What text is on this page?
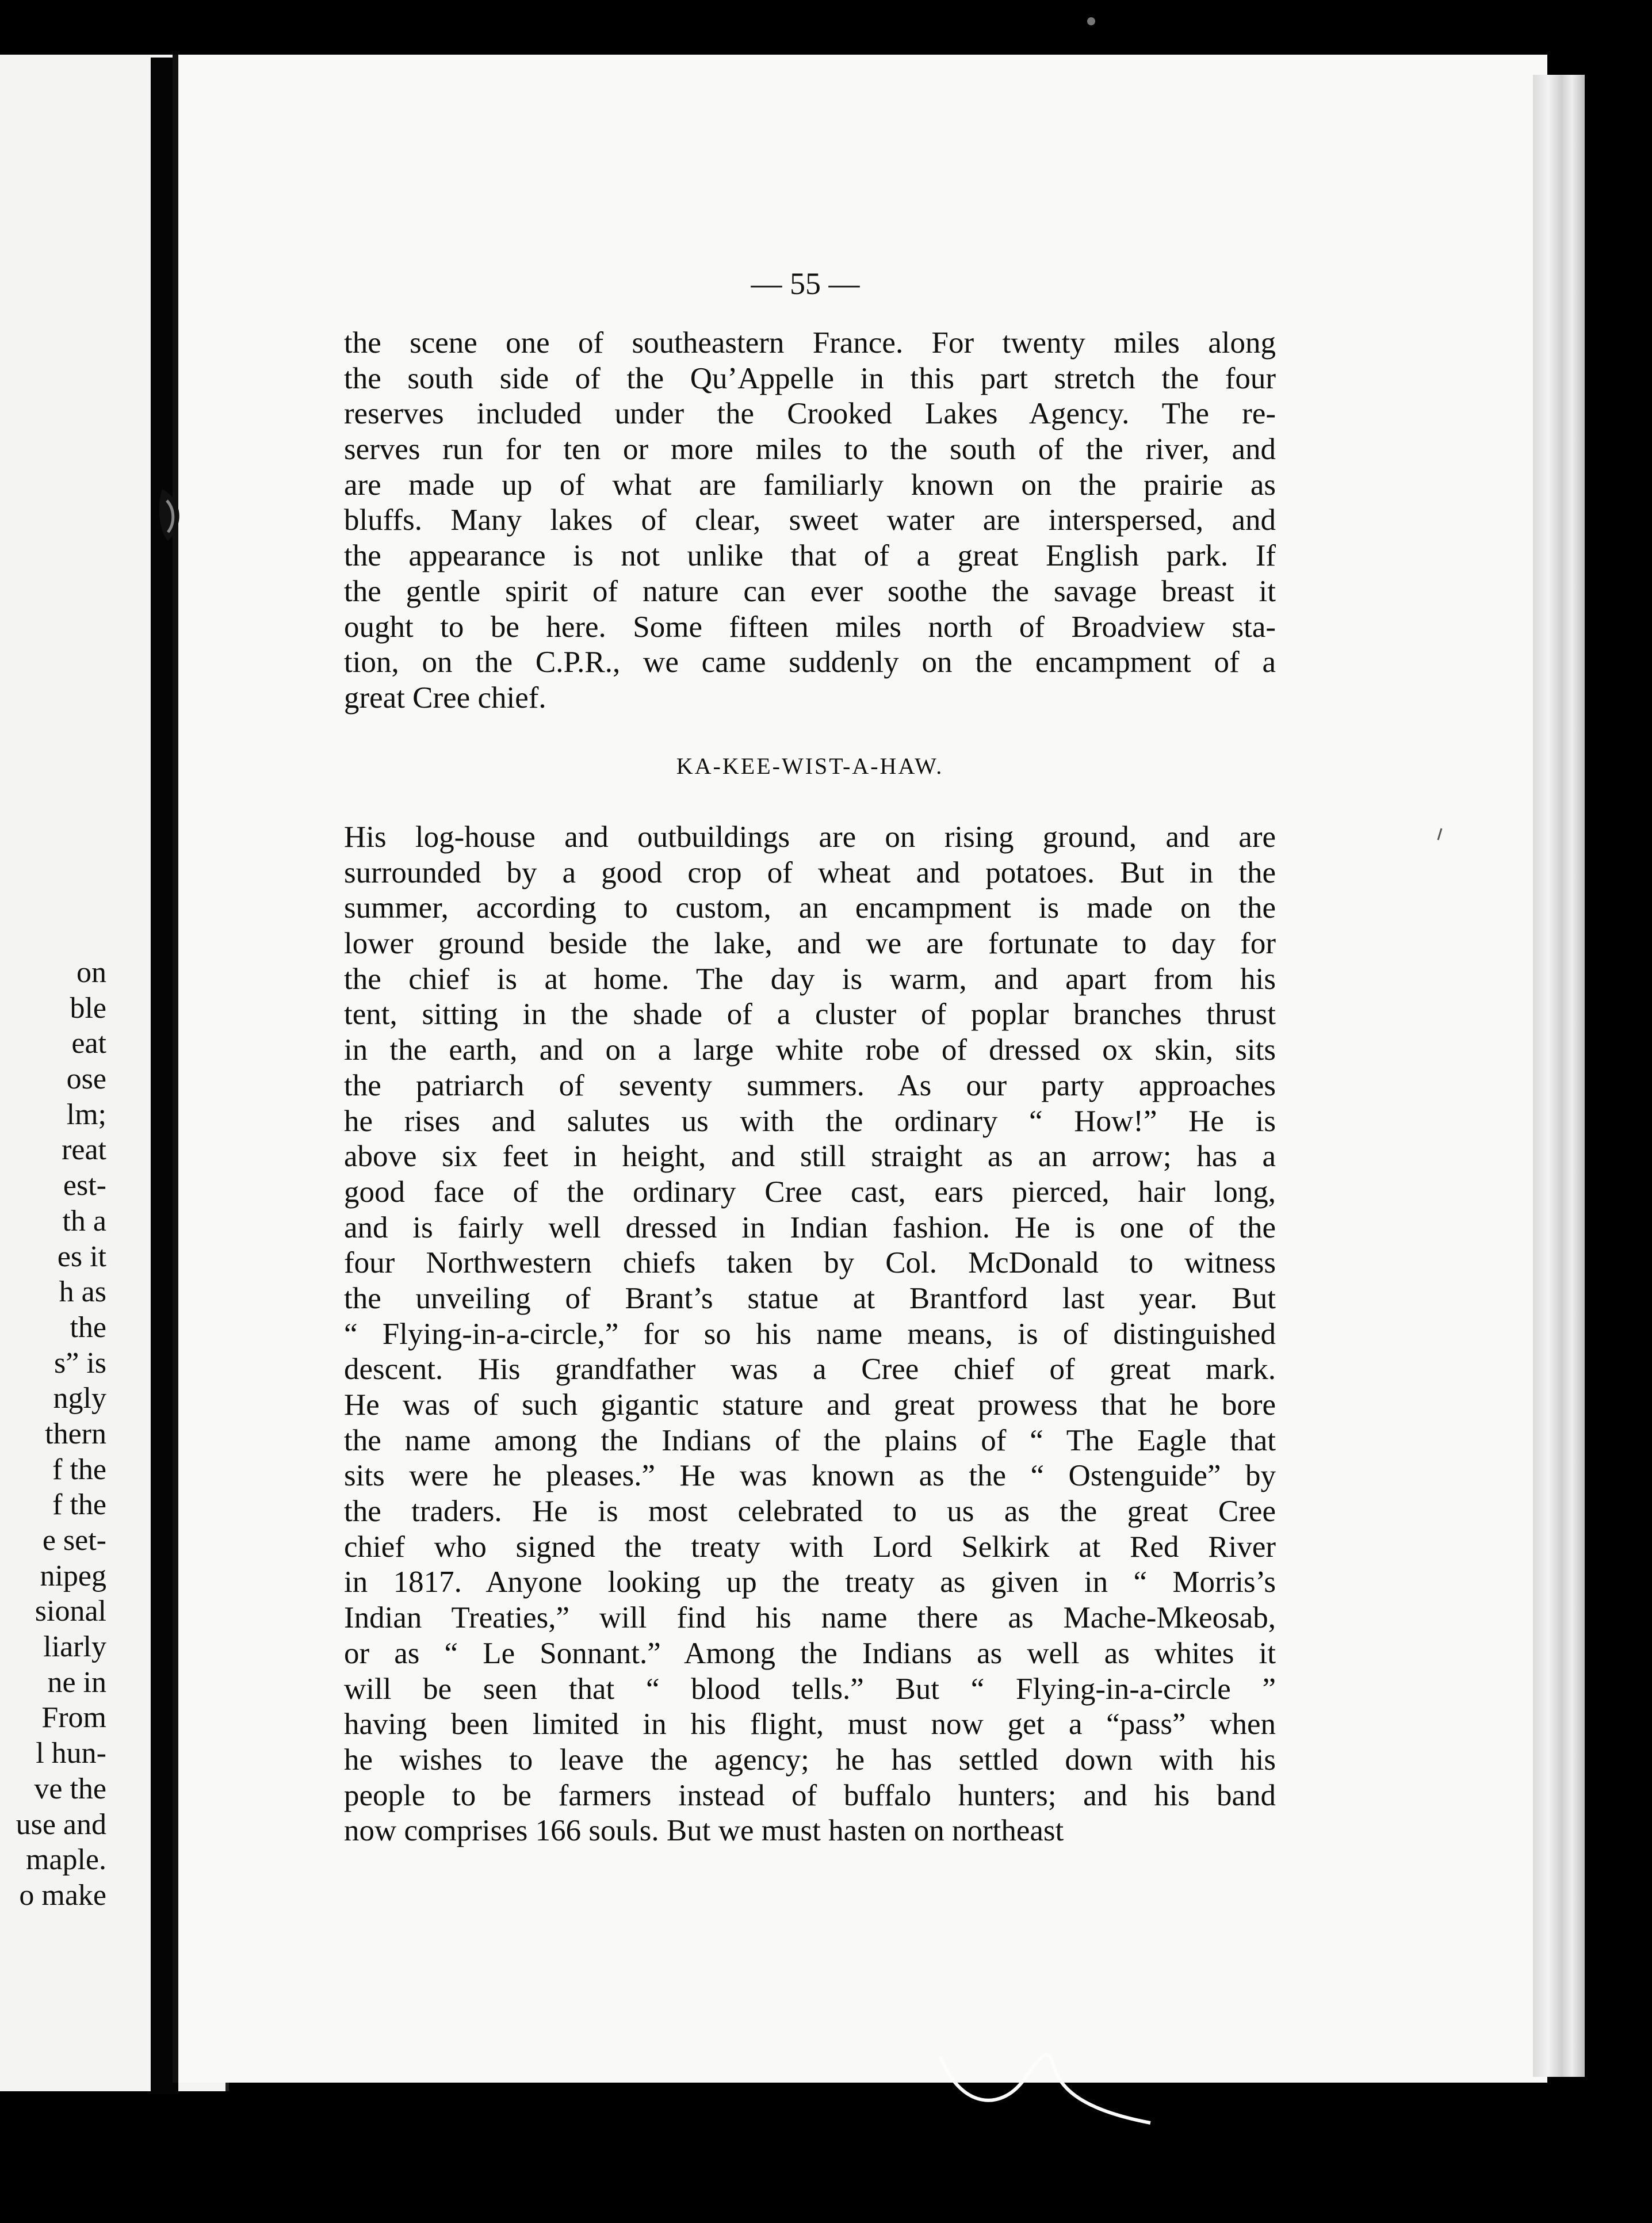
on
ble
eat
ose
lm;
reat
est-
th a
es it
h as
the
s” is
ngly
thern
f the
f the
e set-
nipeg
sional
liarly
ne in
From
l hun-
ve the
use and
maple.
o make
— 55 —
the scene one of southeastern France. For twenty miles along
the south side of the Qu’Appelle in this part stretch the four
reserves included under the Crooked Lakes Agency. The re-
serves run for ten or more miles to the south of the river, and
are made up of what are familiarly known on the prairie as
bluffs. Many lakes of clear, sweet water are interspersed, and
the appearance is not unlike that of a great English park. If
the gentle spirit of nature can ever soothe the savage breast it
ought to be here. Some fifteen miles north of Broadview sta-
tion, on the C.P.R., we came suddenly on the encampment of a
great Cree chief.
KA-KEE-WIST-A-HAW.
His log-house and outbuildings are on rising ground, and are
surrounded by a good crop of wheat and potatoes. But in the
summer, according to custom, an encampment is made on the
lower ground beside the lake, and we are fortunate to day for
the chief is at home. The day is warm, and apart from his
tent, sitting in the shade of a cluster of poplar branches thrust
in the earth, and on a large white robe of dressed ox skin, sits
the patriarch of seventy summers. As our party approaches
he rises and salutes us with the ordinary “ How!” He is
above six feet in height, and still straight as an arrow; has a
good face of the ordinary Cree cast, ears pierced, hair long,
and is fairly well dressed in Indian fashion. He is one of the
four Northwestern chiefs taken by Col. McDonald to witness
the unveiling of Brant’s statue at Brantford last year. But
“ Flying-in-a-circle,” for so his name means, is of distinguished
descent. His grandfather was a Cree chief of great mark.
He was of such gigantic stature and great prowess that he bore
the name among the Indians of the plains of “ The Eagle that
sits were he pleases.” He was known as the “ Ostenguide” by
the traders. He is most celebrated to us as the great Cree
chief who signed the treaty with Lord Selkirk at Red River
in 1817. Anyone looking up the treaty as given in “ Morris’s
Indian Treaties,” will find his name there as Mache-Mkeosab,
or as “ Le Sonnant.” Among the Indians as well as whites it
will be seen that “ blood tells.” But “ Flying-in-a-circle ”
having been limited in his flight, must now get a “pass” when
he wishes to leave the agency; he has settled down with his
people to be farmers instead of buffalo hunters; and his band
now comprises 166 souls. But we must hasten on northeast
